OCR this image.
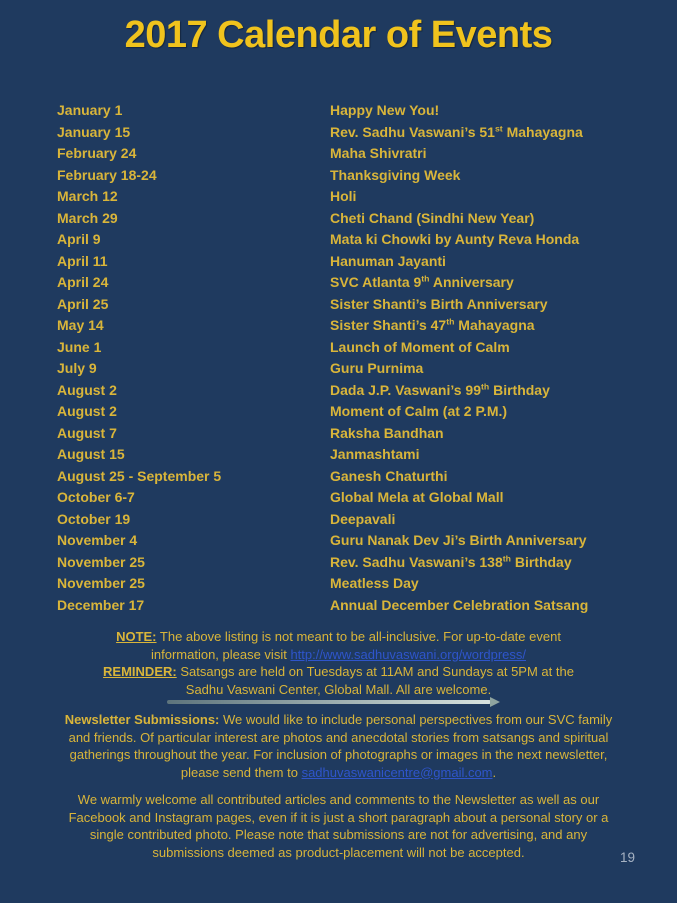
2017 Calendar of Events
January 1	Happy New You!
January 15	Rev. Sadhu Vaswani’s 51st Mahayagna
February 24	Maha Shivratri
February 18-24	Thanksgiving Week
March 12	Holi
March 29	Cheti Chand (Sindhi New Year)
April 9	Mata ki Chowki by Aunty Reva Honda
April 11	Hanuman Jayanti
April 24	SVC Atlanta 9th Anniversary
April 25	Sister Shanti’s Birth Anniversary
May 14	Sister Shanti’s 47th Mahayagna
June 1	Launch of Moment of Calm
July 9	Guru Purnima
August 2	Dada J.P. Vaswani’s 99th Birthday
August 2	Moment of Calm (at 2 P.M.)
August 7	Raksha Bandhan
August 15	Janmashtami
August 25 - September 5	Ganesh Chaturthi
October 6-7	Global Mela at Global Mall
October 19	Deepavali
November 4	Guru Nanak Dev Ji’s Birth Anniversary
November 25	Rev. Sadhu Vaswani’s 138th Birthday
November 25	Meatless Day
December 17	Annual December Celebration Satsang

NOTE: The above listing is not meant to be all-inclusive. For up-to-date event information, please visit http://www.sadhuvaswani.org/wordpress/

REMINDER: Satsangs are held on Tuesdays at 11AM and Sundays at 5PM at the Sadhu Vaswani Center, Global Mall. All are welcome.

Newsletter Submissions: We would like to include personal perspectives from our SVC family and friends. Of particular interest are photos and anecdotal stories from satsangs and spiritual gatherings throughout the year. For inclusion of photographs or images in the next newsletter, please send them to sadhuvaswanicentre@gmail.com.

We warmly welcome all contributed articles and comments to the Newsletter as well as our Facebook and Instagram pages, even if it is just a short paragraph about a personal story or a single contributed photo. Please note that submissions are not for advertising, and any submissions deemed as product-placement will not be accepted.	19
